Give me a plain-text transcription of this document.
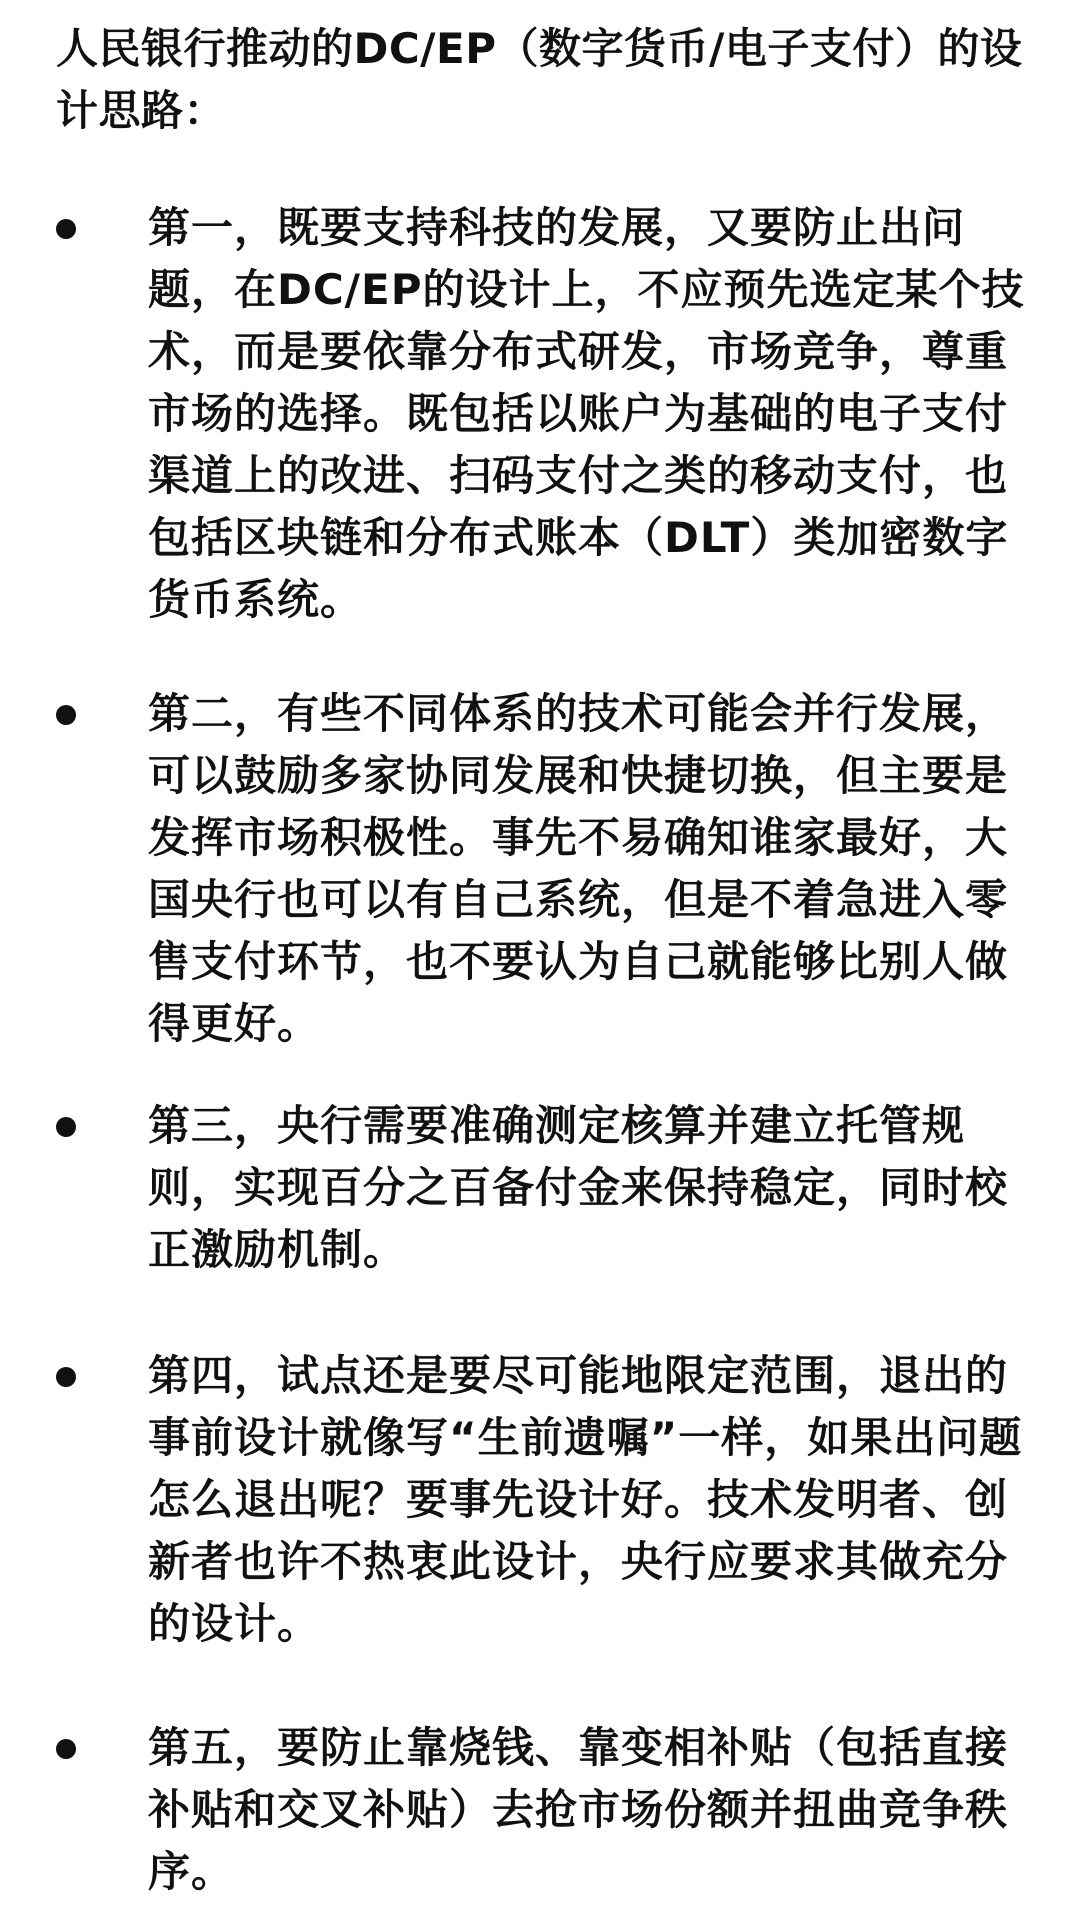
人民银行推动的DC/EP（数字货币/电子支付）的设计思路：

第一，既要支持科技的发展，又要防止出问题，在DC/EP的设计上，不应预先选定某个技术，而是要依靠分布式研发，市场竞争，尊重市场的选择。既包括以账户为基础的电子支付渠道上的改进、扫码支付之类的移动支付，也包括区块链和分布式账本（DLT）类加密数字货币系统。

第二，有些不同体系的技术可能会并行发展，可以鼓励多家协同发展和快捷切换，但主要是发挥市场积极性。事先不易确知谁家最好，大国央行也可以有自己系统，但是不着急进入零售支付环节，也不要认为自己就能够比别人做得更好。

第三，央行需要准确测定核算并建立托管规则，实现百分之百备付金来保持稳定，同时校正激励机制。

第四，试点还是要尽可能地限定范围，退出的事前设计就像写“生前遗嘱”一样，如果出问题怎么退出呢？要事先设计好。技术发明者、创新者也许不热衷此设计，央行应要求其做充分的设计。

第五，要防止靠烧钱、靠变相补贴（包括直接补贴和交叉补贴）去抢市场份额并扭曲竞争秩序。
